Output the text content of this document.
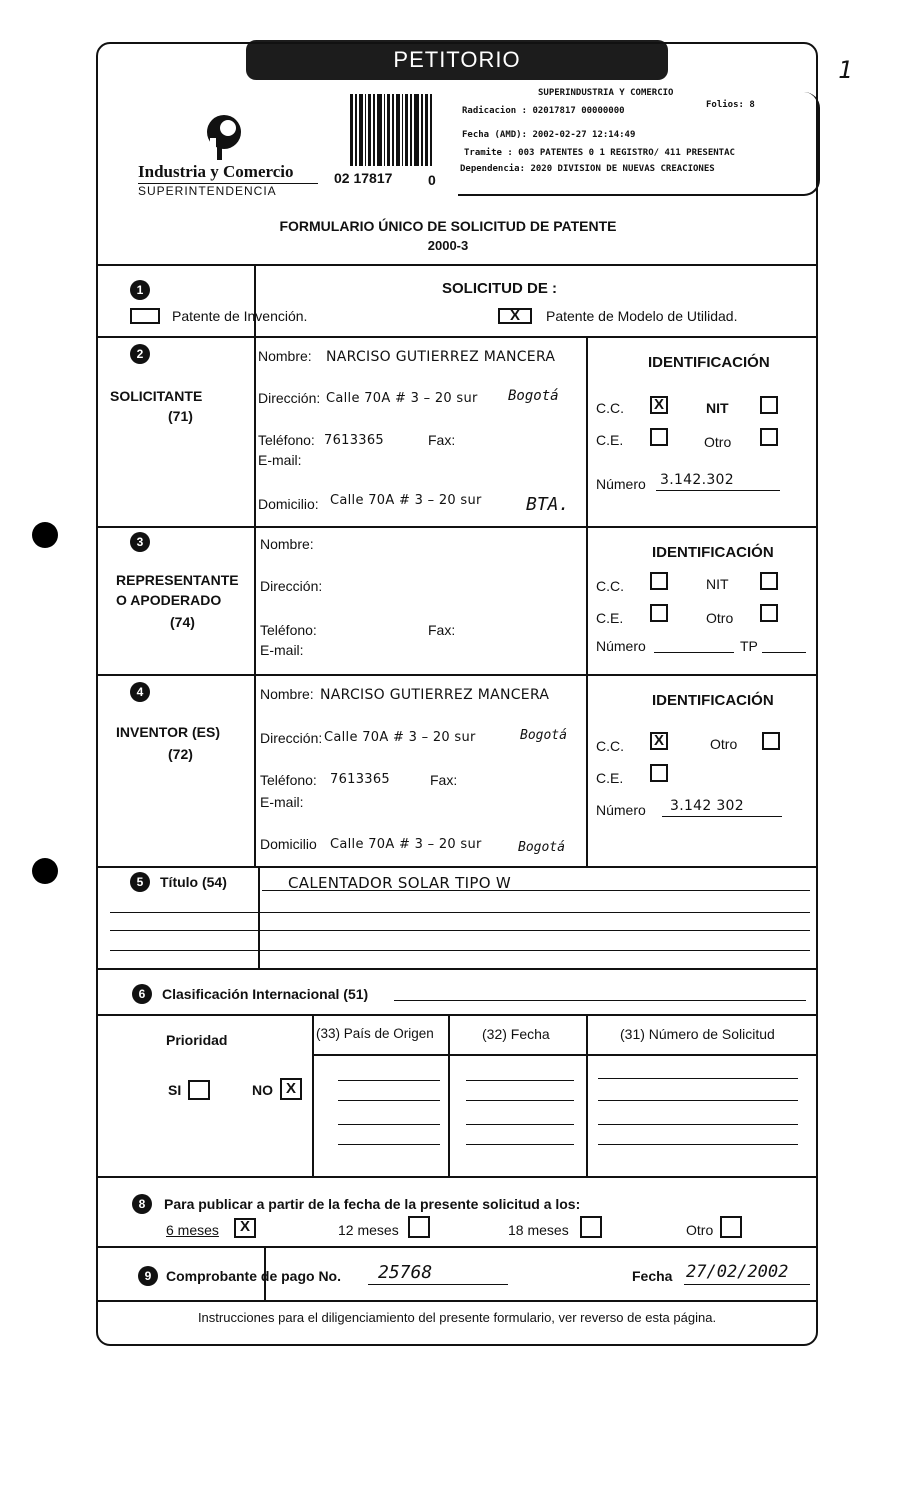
1
PETITORIO
Industria y Comercio
SUPERINTENDENCIA
02 17817	0
SUPERINDUSTRIA Y COMERCIO
Radicacion : 02017817 00000000
Folios: 8
Fecha (AMD): 2002-02-27 12:14:49
Tramite : 003 PATENTES 0 1 REGISTRO/ 411 PRESENTAC
Dependencia: 2020 DIVISION DE NUEVAS CREACIONES
FORMULARIO ÚNICO DE SOLICITUD DE PATENTE
2000-3
1	SOLICITUD DE :
Patente de Invención.	X	Patente de Modelo de Utilidad.
2
SOLICITANTE
(71)
Nombre: NARCISO GUTIERREZ MANCERA
Dirección: Calle 70A # 3 – 20 sur Bogotá
Teléfono: 7613365	Fax:
E-mail:
Domicilio: Calle 70A # 3 – 20 sur BTA.
IDENTIFICACIÓN
C.C. X	NIT
C.E.	Otro
Número 3.142.302
3
REPRESENTANTE
O APODERADO
(74)
Nombre:
Dirección:
Teléfono:	Fax:
E-mail:
IDENTIFICACIÓN
C.C.	NIT
C.E.	Otro
Número	TP
4
INVENTOR (ES)
(72)
Nombre: NARCISO GUTIERREZ MANCERA
Dirección: Calle 70A # 3 – 20 sur	Bogotá
Teléfono: 7613365	Fax:
E-mail:
Domicilio Calle 70A # 3 – 20 sur	Bogotá
IDENTIFICACIÓN
C.C. X	Otro
C.E.
Número 3.142 302
5	Título (54)	CALENTADOR SOLAR TIPO W
6	Clasificación Internacional (51)
Prioridad
SI	NO X
(33) País de Origen	(32) Fecha	(31) Número de Solicitud
8	Para publicar a partir de la fecha de la presente solicitud a los:
6 meses	X	12 meses	18 meses	Otro
9	Comprobante de pago No. 25768	Fecha 27/02/2002
Instrucciones para el diligenciamiento del presente formulario, ver reverso de esta página.
